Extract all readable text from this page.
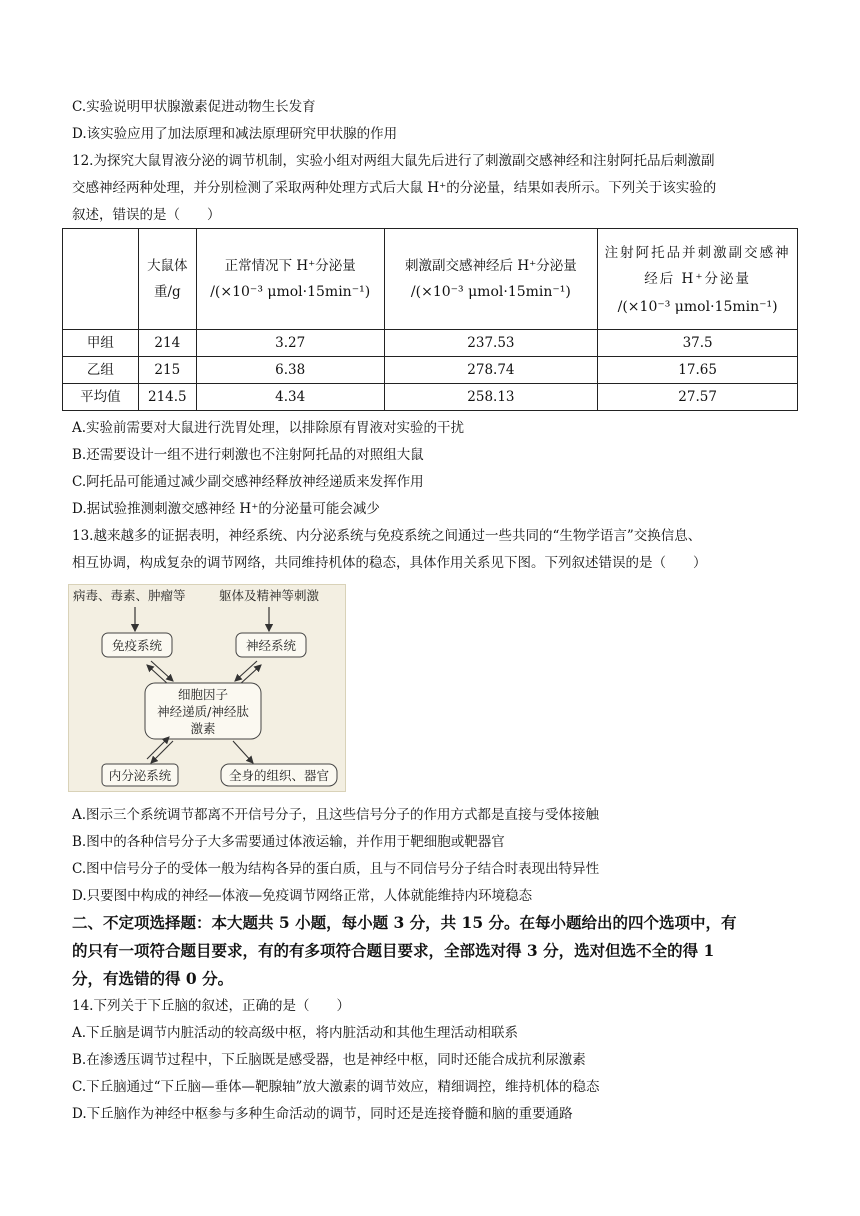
C.实验说明甲状腺激素促进动物生长发育
D.该实验应用了加法原理和减法原理研究甲状腺的作用
12.为探究大鼠胃液分泌的调节机制，实验小组对两组大鼠先后进行了刺激副交感神经和注射阿托品后刺激副
交感神经两种处理，并分别检测了采取两种处理方式后大鼠 H⁺的分泌量，结果如表所示。下列关于该实验的
叙述，错误的是（　　）

	大鼠体重/g	正常情况下 H⁺分泌量
/(×10⁻³ μmol·15min⁻¹)	刺激副交感神经后 H⁺分泌量
/(×10⁻³ μmol·15min⁻¹)	注射阿托品并刺激副交感神经后 H⁺分泌量
/(×10⁻³ μmol·15min⁻¹)

甲组	214	3.27	237.53	37.5
乙组	215	6.38	278.74	17.65
平均值	214.5	4.34	258.13	27.57
A.实验前需要对大鼠进行洗胃处理，以排除原有胃液对实验的干扰
B.还需要设计一组不进行刺激也不注射阿托品的对照组大鼠
C.阿托品可能通过减少副交感神经释放神经递质来发挥作用
D.据试验推测刺激交感神经 H⁺的分泌量可能会减少
13.越来越多的证据表明，神经系统、内分泌系统与免疫系统之间通过一些共同的“生物学语言”交换信息、
相互协调，构成复杂的调节网络，共同维持机体的稳态，具体作用关系见下图。下列叙述错误的是（　　）
病毒、毒素、肿瘤等	躯体及精神等刺激
免疫系统	神经系统
细胞因子
神经递质/神经肽
激素
内分泌系统	全身的组织、器官
A.图示三个系统调节都离不开信号分子，且这些信号分子的作用方式都是直接与受体接触
B.图中的各种信号分子大多需要通过体液运输，并作用于靶细胞或靶器官
C.图中信号分子的受体一般为结构各异的蛋白质，且与不同信号分子结合时表现出特异性
D.只要图中构成的神经—体液—免疫调节网络正常，人体就能维持内环境稳态
二、不定项选择题：本大题共 5 小题，每小题 3 分，共 15 分。在每小题给出的四个选项中，有
的只有一项符合题目要求，有的有多项符合题目要求，全部选对得 3 分，选对但选不全的得 1
分，有选错的得 0 分。
14.下列关于下丘脑的叙述，正确的是（　　）
A.下丘脑是调节内脏活动的较高级中枢，将内脏活动和其他生理活动相联系
B.在渗透压调节过程中，下丘脑既是感受器，也是神经中枢，同时还能合成抗利尿激素
C.下丘脑通过“下丘脑—垂体—靶腺轴”放大激素的调节效应，精细调控，维持机体的稳态
D.下丘脑作为神经中枢参与多种生命活动的调节，同时还是连接脊髓和脑的重要通路
